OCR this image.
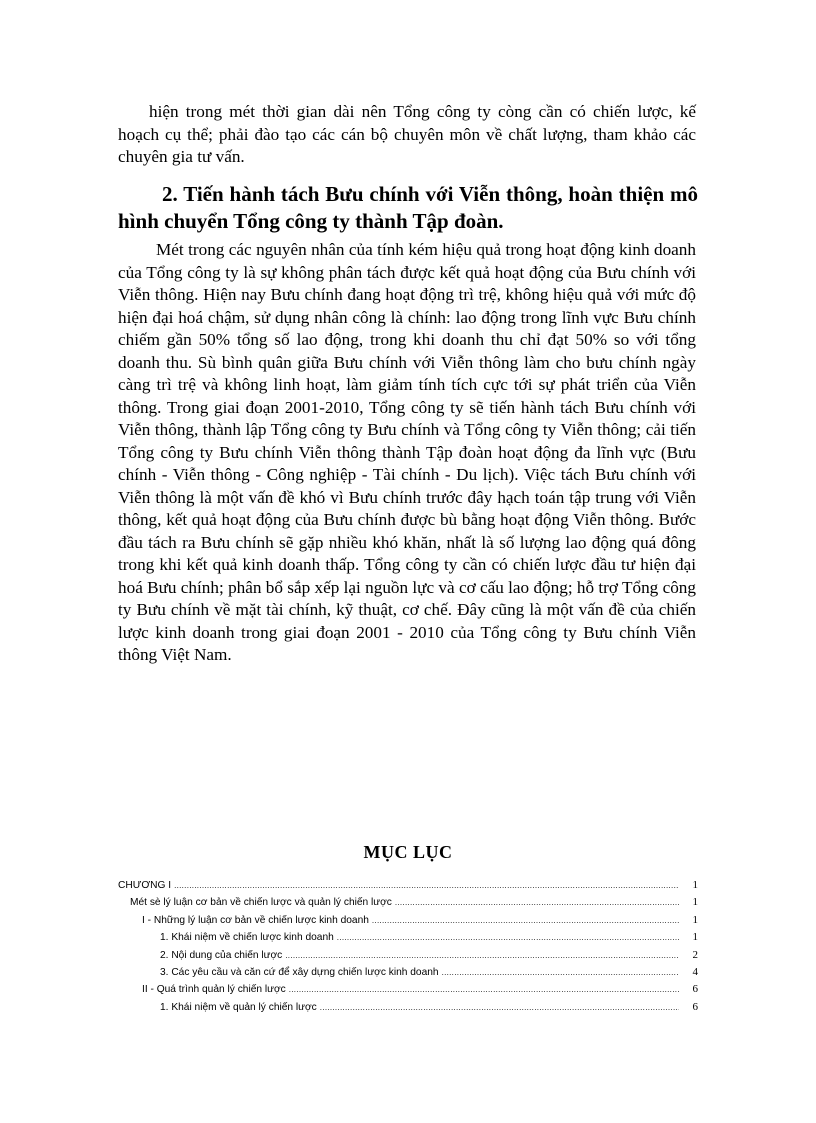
hiện trong mét thời gian dài nên Tổng công ty còng cần có chiến lược, kế hoạch cụ thể; phải đào tạo các cán bộ chuyên môn về chất lượng, tham khảo các chuyên gia tư vấn.

2. Tiến hành tách Bưu chính với Viễn thông, hoàn thiện mô hình chuyển Tổng công ty thành Tập đoàn.

Mét trong các nguyên nhân của tính kém hiệu quả trong hoạt động kinh doanh của Tổng công ty là sự không phân tách được kết quả hoạt động của Bưu chính với Viễn thông. Hiện nay Bưu chính đang hoạt động trì trệ, không hiệu quả với mức độ hiện đại hoá chậm, sử dụng nhân công là chính: lao động trong lĩnh vực Bưu chính chiếm gần 50% tổng số lao động, trong khi doanh thu chỉ đạt 50% so với tổng doanh thu. Sù bình quân giữa Bưu chính với Viễn thông làm cho bưu chính ngày càng trì trệ và không linh hoạt, làm giảm tính tích cực tới sự phát triển của Viễn thông. Trong giai đoạn 2001-2010, Tổng công ty sẽ tiến hành tách Bưu chính với Viễn thông, thành lập Tổng công ty Bưu chính và Tổng công ty Viễn thông; cải tiến Tổng công ty Bưu chính Viễn thông thành Tập đoàn hoạt động đa lĩnh vực (Bưu chính - Viễn thông - Công nghiệp - Tài chính - Du lịch). Việc tách Bưu chính với Viễn thông là một vấn đề khó vì Bưu chính trước đây hạch toán tập trung với Viễn thông, kết quả hoạt động của Bưu chính được bù bằng hoạt động Viễn thông. Bước đầu tách ra Bưu chính sẽ gặp nhiều khó khăn, nhất là số lượng lao động quá đông trong khi kết quả kinh doanh thấp. Tổng công ty cần có chiến lược đầu tư hiện đại hoá Bưu chính; phân bổ sắp xếp lại nguồn lực và cơ cấu lao động; hỗ trợ Tổng công ty Bưu chính về mặt tài chính, kỹ thuật, cơ chế. Đây cũng là một vấn đề của chiến lược kinh doanh trong giai đoạn 2001 - 2010 của Tổng công ty Bưu chính Viễn thông Việt Nam.

MỤC LỤC
CHƯƠNG I .....	1
Mét sè lý luận cơ bản về chiến lược và quản lý chiến lược .....	1
I - Những lý luận cơ bản về chiến lược kinh doanh .....	1
1. Khái niệm về chiến lược kinh doanh .....	1
2. Nội dung của chiến lược .....	2
3. Các yêu cầu và căn cứ để xây dựng chiến lược kinh doanh .....	4
II - Quá trình quản lý chiến lược .....	6
1. Khái niệm về quản lý chiến lược .....	6
